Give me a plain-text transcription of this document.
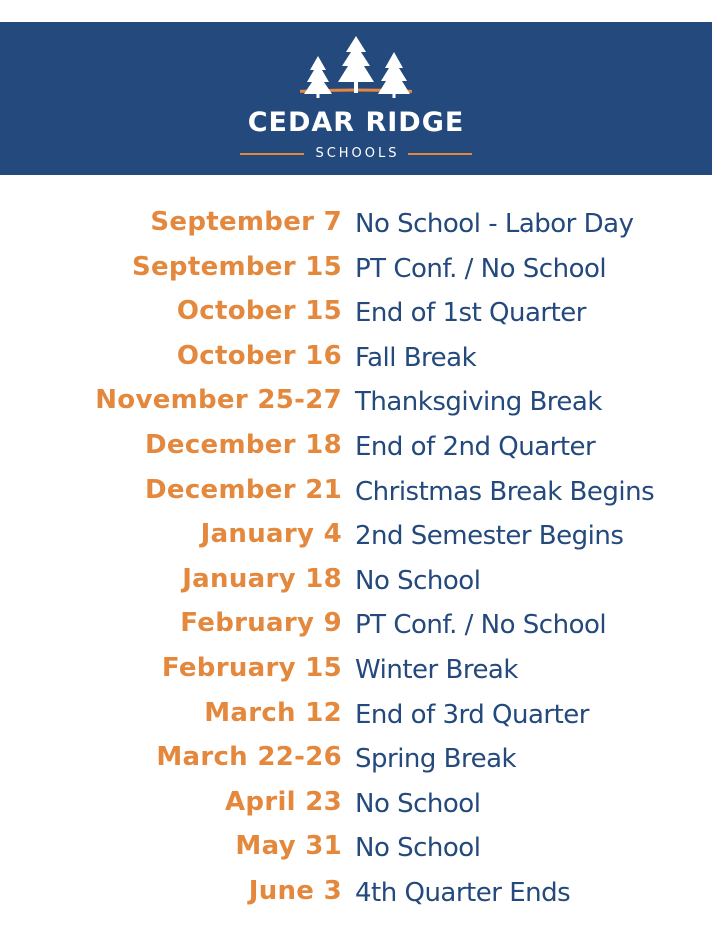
CEDAR RIDGE
SCHOOLS
September 7 No School - Labor Day
September 15 PT Conf. / No School
October 15 End of 1st Quarter
October 16 Fall Break
November 25-27 Thanksgiving Break
December 18 End of 2nd Quarter
December 21 Christmas Break Begins
January 4 2nd Semester Begins
January 18 No School
February 9 PT Conf. / No School
February 15 Winter Break
March 12 End of 3rd Quarter
March 22-26 Spring Break
April 23 No School
May 31 No School
June 3 4th Quarter Ends
